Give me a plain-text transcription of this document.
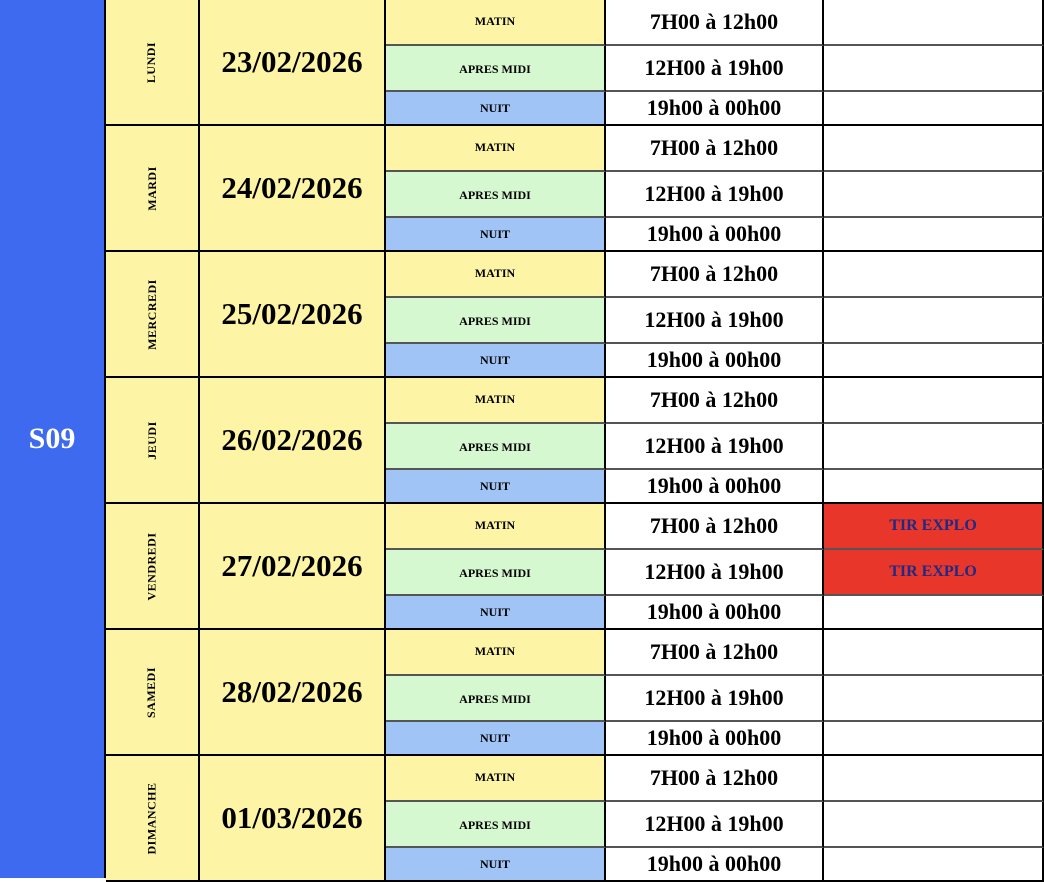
S09
LUNDI	23/02/2026
MATIN	7H00 à 12h00
APRES MIDI	12H00 à 19h00
NUIT	19h00 à 00h00
MARDI	24/02/2026
MATIN	7H00 à 12h00
APRES MIDI	12H00 à 19h00
NUIT	19h00 à 00h00
MERCREDI	25/02/2026
MATIN	7H00 à 12h00
APRES MIDI	12H00 à 19h00
NUIT	19h00 à 00h00
JEUDI	26/02/2026
MATIN	7H00 à 12h00
APRES MIDI	12H00 à 19h00
NUIT	19h00 à 00h00
VENDREDI	27/02/2026
MATIN	7H00 à 12h00	TIR EXPLO
APRES MIDI	12H00 à 19h00	TIR EXPLO
NUIT	19h00 à 00h00
SAMEDI	28/02/2026
MATIN	7H00 à 12h00
APRES MIDI	12H00 à 19h00
NUIT	19h00 à 00h00
DIMANCHE	01/03/2026
MATIN	7H00 à 12h00
APRES MIDI	12H00 à 19h00
NUIT	19h00 à 00h00
